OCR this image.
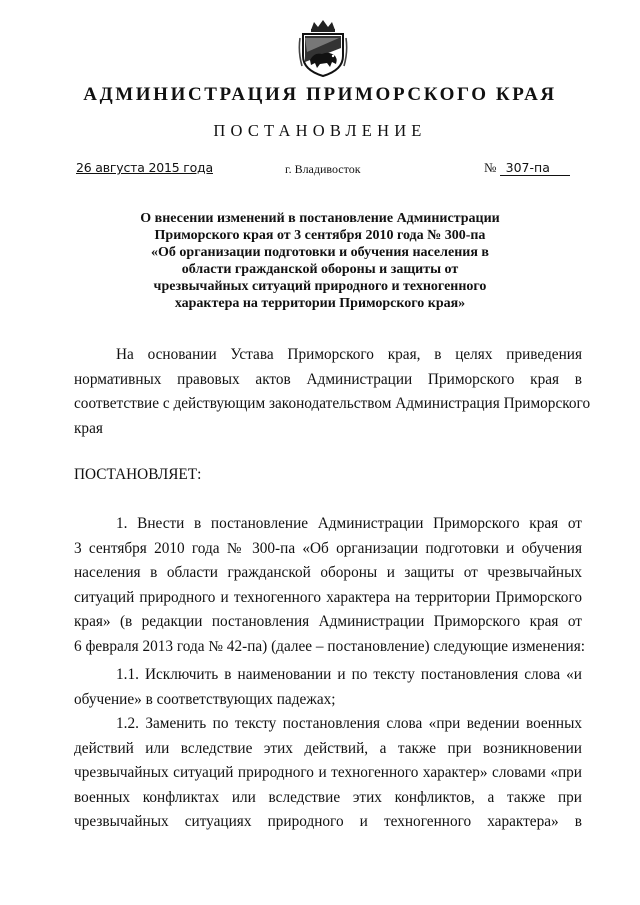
АДМИНИСТРАЦИЯ ПРИМОРСКОГО КРАЯ
ПОСТАНОВЛЕНИЕ
26 августа 2015 года	г. Владивосток	№ 307-па
О внесении изменений в постановление Администрации
Приморского края от 3 сентября 2010 года № 300-па
«Об организации подготовки и обучения населения в
области гражданской обороны и защиты от
чрезвычайных ситуаций природного и техногенного
характера на территории Приморского края»
На основании Устава Приморского края, в целях приведения
нормативных правовых актов Администрации Приморского края в
соответствие с действующим законодательством Администрация Приморского
края
ПОСТАНОВЛЯЕТ:
1. Внести в постановление Администрации Приморского края от
3 сентября 2010 года № 300-па «Об организации подготовки и обучения
населения в области гражданской обороны и защиты от чрезвычайных
ситуаций природного и техногенного характера на территории Приморского
края» (в редакции постановления Администрации Приморского края от
6 февраля 2013 года № 42-па) (далее – постановление) следующие изменения:
1.1. Исключить в наименовании и по тексту постановления слова «и
обучение» в соответствующих падежах;
1.2. Заменить по тексту постановления слова «при ведении военных
действий или вследствие этих действий, а также при возникновении
чрезвычайных ситуаций природного и техногенного характер» словами «при
военных конфликтах или вследствие этих конфликтов, а также при
чрезвычайных ситуациях природного и техногенного характера» в
